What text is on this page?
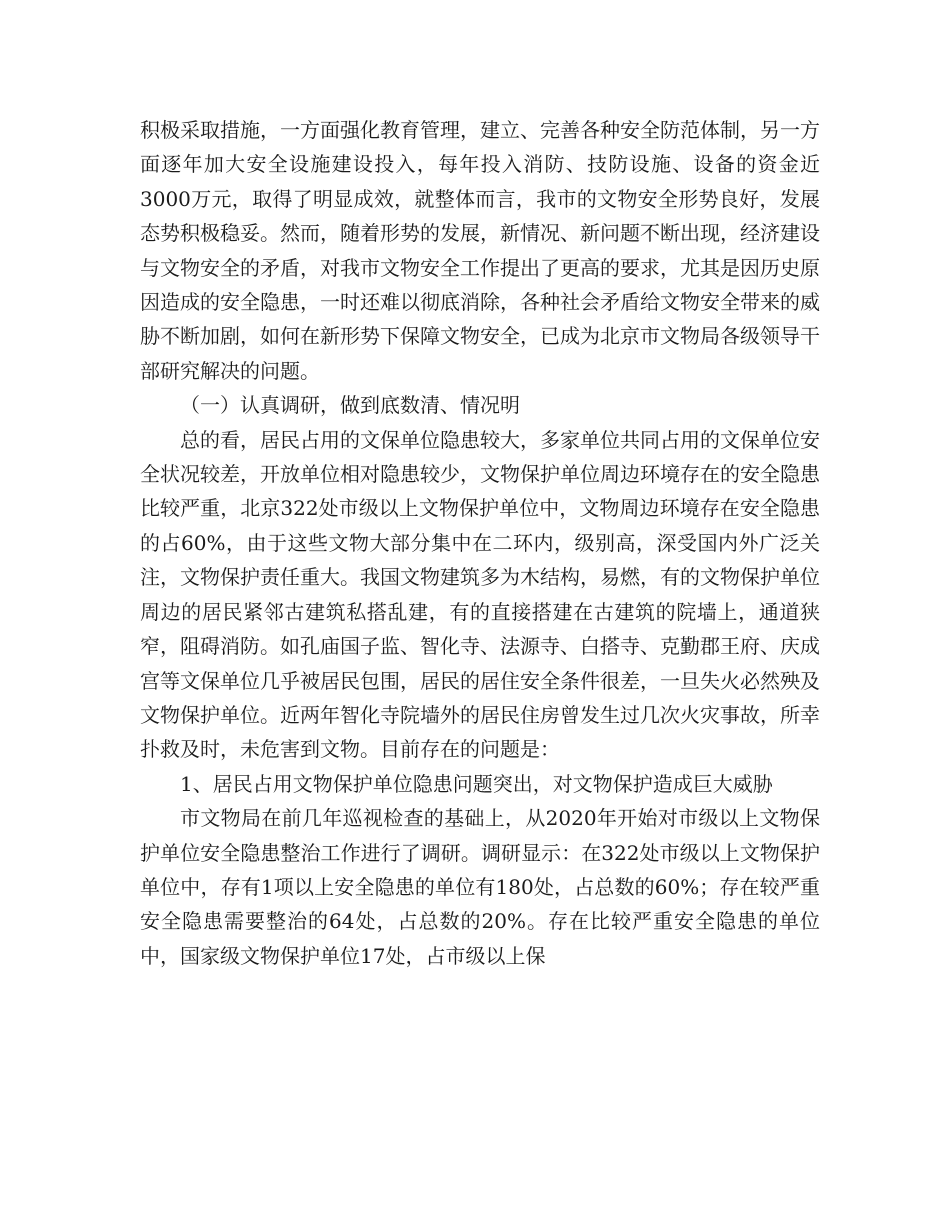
积极采取措施，一方面强化教育管理，建立、完善各种安全防范体制，另一方面逐年加大安全设施建设投入，每年投入消防、技防设施、设备的资金近3000万元，取得了明显成效，就整体而言，我市的文物安全形势良好，发展态势积极稳妥。然而，随着形势的发展，新情况、新问题不断出现，经济建设与文物安全的矛盾，对我市文物安全工作提出了更高的要求，尤其是因历史原因造成的安全隐患，一时还难以彻底消除，各种社会矛盾给文物安全带来的威胁不断加剧，如何在新形势下保障文物安全，已成为北京市文物局各级领导干部研究解决的问题。

（一）认真调研，做到底数清、情况明

总的看，居民占用的文保单位隐患较大，多家单位共同占用的文保单位安全状况较差，开放单位相对隐患较少，文物保护单位周边环境存在的安全隐患比较严重，北京322处市级以上文物保护单位中，文物周边环境存在安全隐患的占60%，由于这些文物大部分集中在二环内，级别高，深受国内外广泛关注，文物保护责任重大。我国文物建筑多为木结构，易燃，有的文物保护单位周边的居民紧邻古建筑私搭乱建，有的直接搭建在古建筑的院墙上，通道狭窄，阻碍消防。如孔庙国子监、智化寺、法源寺、白搭寺、克勤郡王府、庆成宫等文保单位几乎被居民包围，居民的居住安全条件很差，一旦失火必然殃及文物保护单位。近两年智化寺院墙外的居民住房曾发生过几次火灾事故，所幸扑救及时，未危害到文物。目前存在的问题是：

1、居民占用文物保护单位隐患问题突出，对文物保护造成巨大威胁

市文物局在前几年巡视检查的基础上，从2020年开始对市级以上文物保护单位安全隐患整治工作进行了调研。调研显示：在322处市级以上文物保护单位中，存有1项以上安全隐患的单位有180处，占总数的60%；存在较严重安全隐患需要整治的64处，占总数的20%。存在比较严重安全隐患的单位中，国家级文物保护单位17处，占市级以上保
